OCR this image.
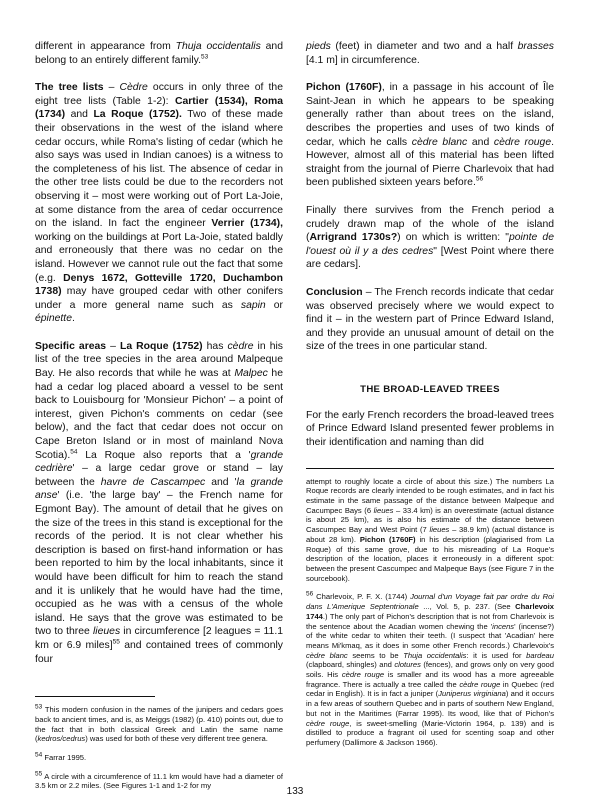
different in appearance from Thuja occidentalis and belong to an entirely different family.$^{53}$

The tree lists – Cèdre occurs in only three of the eight tree lists (Table 1-2): Cartier (1534), Roma (1734) and La Roque (1752). Two of these made their observations in the west of the island where cedar occurs, while Roma's listing of cedar (which he also says was used in Indian canoes) is a witness to the completeness of his list. The absence of cedar in the other tree lists could be due to the recorders not observing it – most were working out of Port La-Joie, at some distance from the area of cedar occurrence on the island. In fact the engineer Verrier (1734), working on the buildings at Port La-Joie, stated baldly and erroneously that there was no cedar on the island. However we cannot rule out the fact that some (e.g. Denys 1672, Gotteville 1720, Duchambon 1738) may have grouped cedar with other conifers under a more general name such as sapin or épinette.

Specific areas – La Roque (1752) has cèdre in his list of the tree species in the area around Malpeque Bay. He also records that while he was at Malpec he had a cedar log placed aboard a vessel to be sent back to Louisbourg for 'Monsieur Pichon' – a point of interest, given Pichon's comments on cedar (see below), and the fact that cedar does not occur on Cape Breton Island or in most of mainland Nova Scotia).$^{54}$ La Roque also reports that a 'grande cedrière' – a large cedar grove or stand – lay between the havre de Cascampec and 'la grande anse' (i.e. 'the large bay' – the French name for Egmont Bay). The amount of detail that he gives on the size of the trees in this stand is exceptional for the records of the period. It is not clear whether his description is based on first-hand information or has been reported to him by the local inhabitants, since it would have been difficult for him to reach the stand and it is unlikely that he would have had the time, occupied as he was with a census of the whole island. He says that the grove was estimated to be two to three lieues in circumference [2 leagues = 11.1 km or 6.9 miles]$^{55}$ and contained trees of commonly four

$^{53}$ This modern confusion in the names of the junipers and cedars goes back to ancient times, and is, as Meiggs (1982) (p. 410) points out, due to the fact that in both classical Greek and Latin the same name (kedros/cedrus) was used for both of these very different tree genera.
$^{54}$ Farrar 1995.
$^{55}$ A circle with a circumference of 11.1 km would have had a diameter of 3.5 km or 2.2 miles. (See Figures 1-1 and 1-2 for my

pieds (feet) in diameter and two and a half brasses [4.1 m] in circumference.

Pichon (1760F), in a passage in his account of Île Saint-Jean in which he appears to be speaking generally rather than about trees on the island, describes the properties and uses of two kinds of cedar, which he calls cèdre blanc and cèdre rouge. However, almost all of this material has been lifted straight from the journal of Pierre Charlevoix that had been published sixteen years before.$^{56}$

Finally there survives from the French period a crudely drawn map of the whole of the island (Arrigrand 1730s?) on which is written: "pointe de l'ouest où il y a des cedres" [West Point where there are cedars].

Conclusion – The French records indicate that cedar was observed precisely where we would expect to find it – in the western part of Prince Edward Island, and they provide an unusual amount of detail on the size of the trees in one particular stand.

THE BROAD-LEAVED TREES

For the early French recorders the broad-leaved trees of Prince Edward Island presented fewer problems in their identification and naming than did

attempt to roughly locate a circle of about this size.) The numbers La Roque records are clearly intended to be rough estimates, and in fact his estimate in the same passage of the distance between Malpeque and Cacumpec Bays (6 lieues – 33.4 km) is an overestimate (actual distance is about 25 km), as is also his estimate of the distance between Cascumpec Bay and West Point (7 lieues – 38.9 km) (actual distance is about 28 km). Pichon (1760F) in his description (plagiarised from La Roque) of this same grove, due to his misreading of La Roque's description of the location, places it erroneously in a different spot: between the present Cascumpec and Malpeque Bays (see Figure 7 in the sourcebook).
$^{56}$ Charlevoix, P. F. X. (1744) Journal d'un Voyage fait par ordre du Roi dans L'Amerique Septentrionale ..., Vol. 5, p. 237. (See Charlevoix 1744.) The only part of Pichon's description that is not from Charlevoix is the sentence about the Acadian women chewing the 'incens' (incense?) of the white cedar to whiten their teeth. (I suspect that 'Acadian' here means Mi'kmaq, as it does in some other French records.) Charlevoix's cèdre blanc seems to be Thuja occidentalis: it is used for bardeau (clapboard, shingles) and clotures (fences), and grows only on very good soils. His cèdre rouge is smaller and its wood has a more agreeable fragrance. There is actually a tree called the cèdre rouge in Quebec (red cedar in English). It is in fact a juniper (Juniperus virginiana) and it occurs in a few areas of southern Quebec and in parts of southern New England, but not in the Maritimes (Farrar 1995). Its wood, like that of Pichon's cèdre rouge, is sweet-smelling (Marie-Victorin 1964, p. 139) and is distilled to produce a fragrant oil used for scenting soap and other perfumery (Dallimore & Jackson 1966).
133
